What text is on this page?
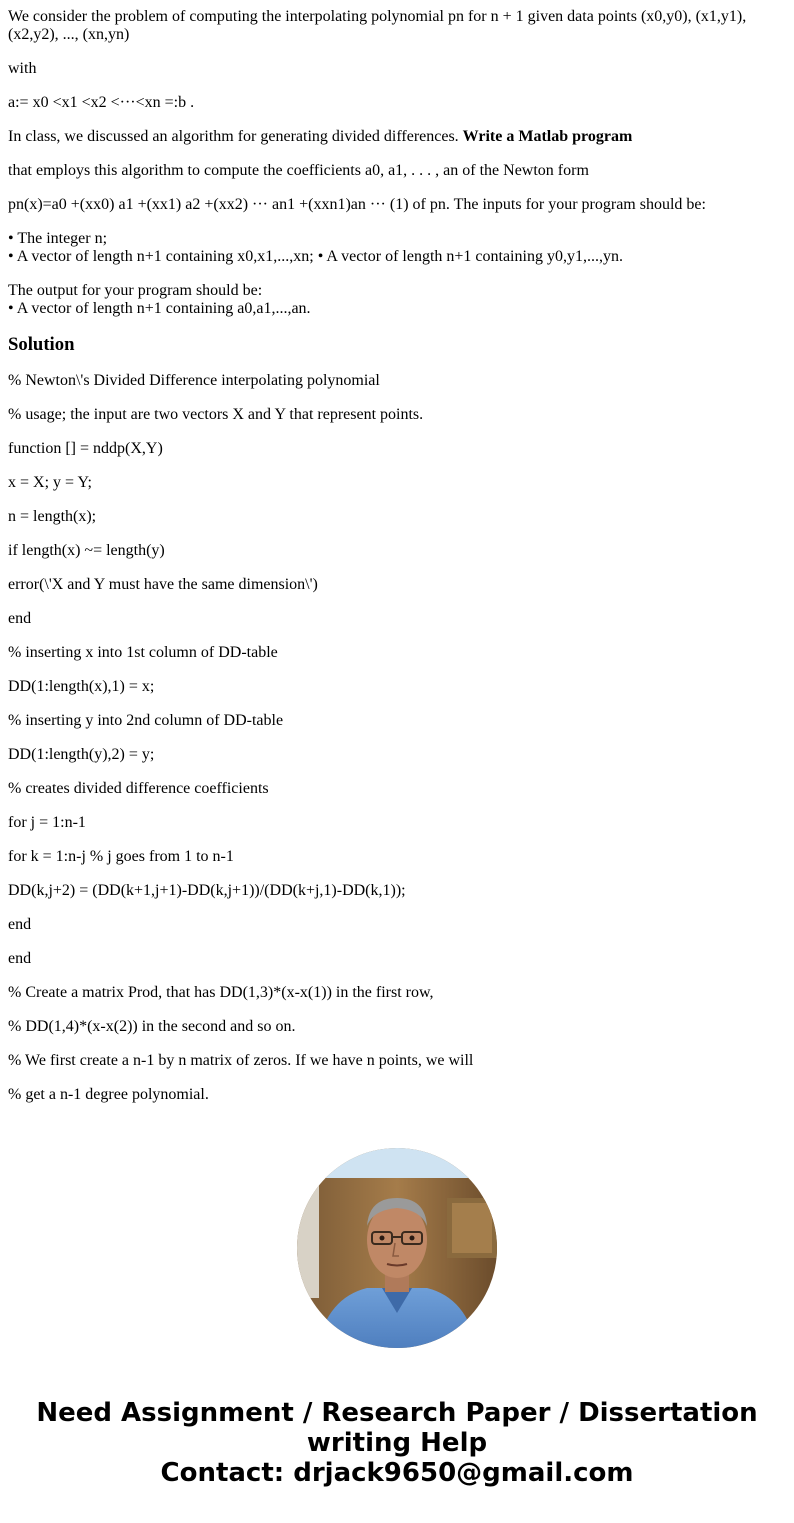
We consider the problem of computing the interpolating polynomial pn for n + 1 given data points (x0,y0), (x1,y1), (x2,y2), ..., (xn,yn)

with

a:= x0 <x1 <x2 <···<xn =:b .

In class, we discussed an algorithm for generating divided differences. Write a Matlab program

that employs this algorithm to compute the coefficients a0, a1, . . . , an of the Newton form

pn(x)=a0 +(xx0) a1 +(xx1) a2 +(xx2) ··· an1 +(xxn1)an ··· (1) of pn. The inputs for your program should be:

• The integer n;
• A vector of length n+1 containing x0,x1,...,xn; • A vector of length n+1 containing y0,y1,...,yn.

The output for your program should be:
• A vector of length n+1 containing a0,a1,...,an.

Solution

% Newton\'s Divided Difference interpolating polynomial

% usage; the input are two vectors X and Y that represent points.

function [] = nddp(X,Y)

x = X; y = Y;

n = length(x);

if length(x) ~= length(y)

error(\'X and Y must have the same dimension\')

end

% inserting x into 1st column of DD-table

DD(1:length(x),1) = x;

% inserting y into 2nd column of DD-table

DD(1:length(y),2) = y;

% creates divided difference coefficients

for j = 1:n-1

for k = 1:n-j % j goes from 1 to n-1

DD(k,j+2) = (DD(k+1,j+1)-DD(k,j+1))/(DD(k+j,1)-DD(k,1));

end

end

% Create a matrix Prod, that has DD(1,3)*(x-x(1)) in the first row,

% DD(1,4)*(x-x(2)) in the second and so on.

% We first create a n-1 by n matrix of zeros. If we have n points, we will

% get a n-1 degree polynomial.

Need Assignment / Research Paper / Dissertation
writing Help
Contact: drjack9650@gmail.com
